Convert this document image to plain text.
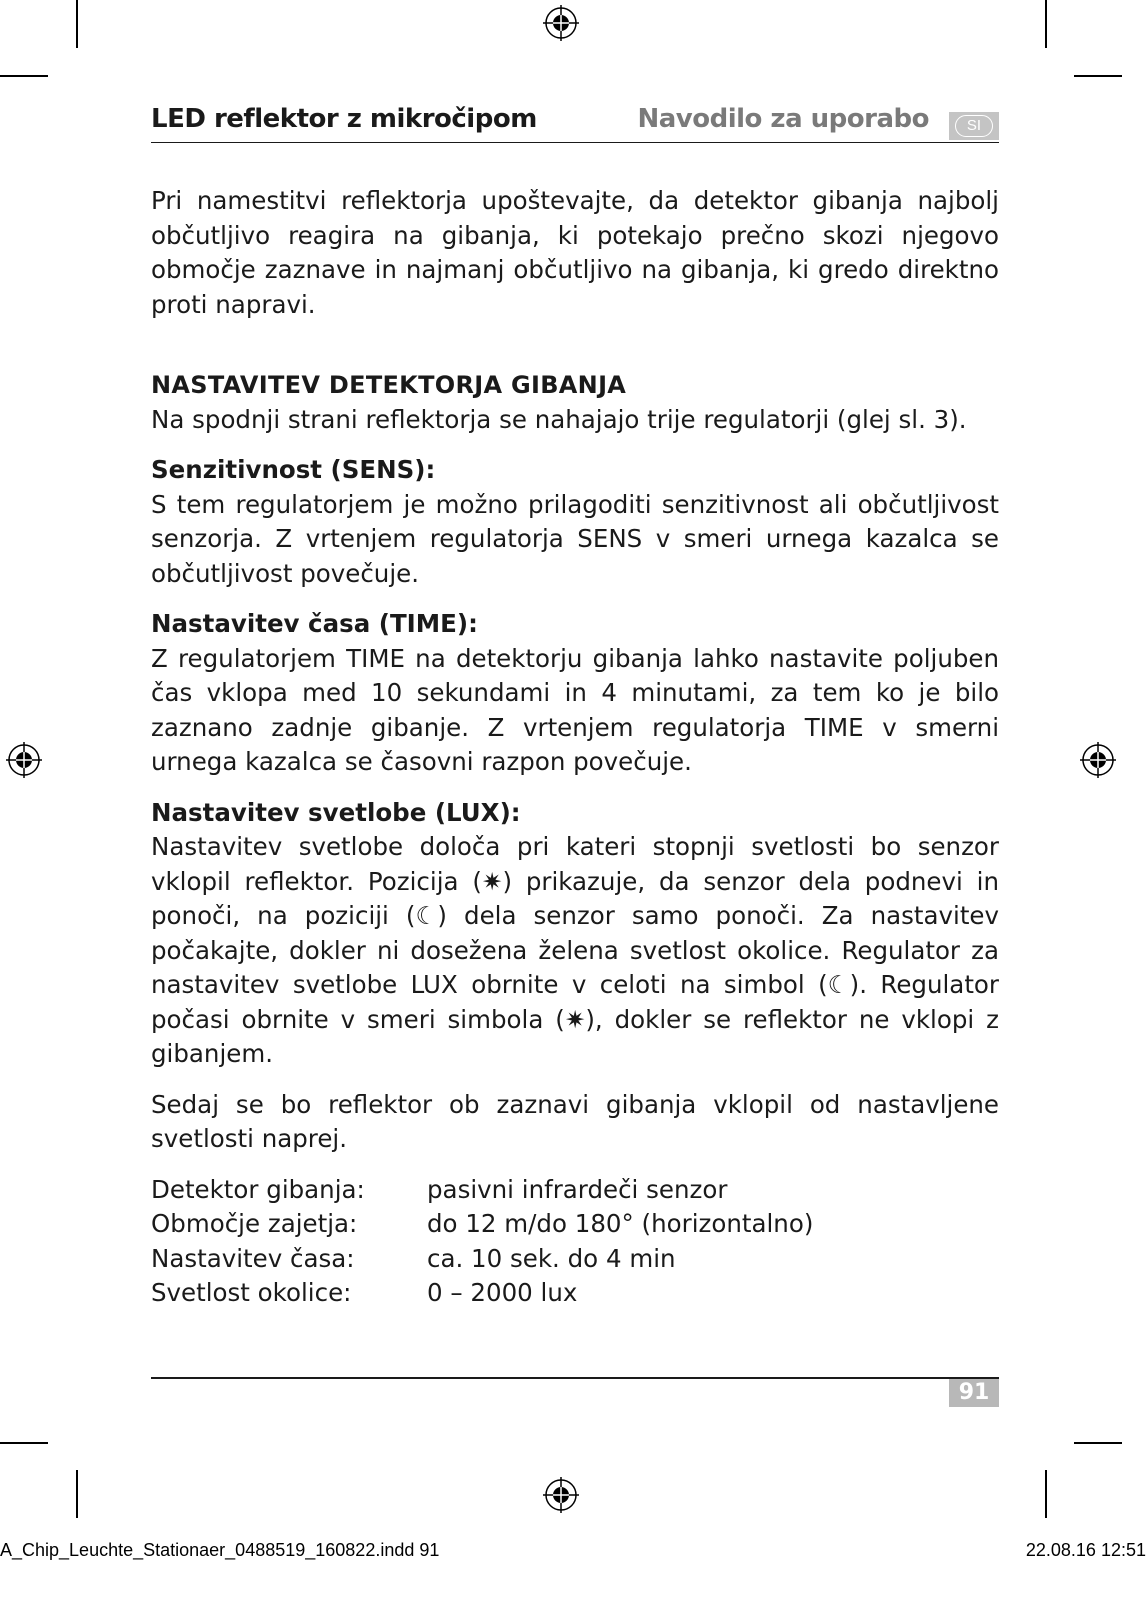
LED reflektor z mikročipom	Navodilo za uporabo	SI

Pri namestitvi reflektorja upoštevajte, da detektor gibanja najbolj občutljivo reagira na gibanja, ki potekajo prečno skozi njegovo območje zaznave in najmanj občutljivo na gibanja, ki gredo direktno proti napravi.

NASTAVITEV DETEKTORJA GIBANJA

Na spodnji strani reflektorja se nahajajo trije regulatorji (glej sl. 3).

Senzitivnost (SENS):

S tem regulatorjem je možno prilagoditi senzitivnost ali občutljivost senzorja. Z vrtenjem regulatorja SENS v smeri urnega kazalca se občutljivost povečuje.

Nastavitev časa (TIME):

Z regulatorjem TIME na detektorju gibanja lahko nastavite poljuben čas vklopa med 10 sekundami in 4 minutami, za tem ko je bilo zaznano zadnje gibanje. Z vrtenjem regulatorja TIME v smerni urnega kazalca se časovni razpon povečuje.

Nastavitev svetlobe (LUX):

Nastavitev svetlobe določa pri kateri stopnji svetlosti bo senzor vklopil reflektor. Pozicija (✷) prikazuje, da senzor dela podnevi in ponoči, na poziciji (☾) dela senzor samo ponoči. Za nastavitev počakajte, dokler ni dosežena želena svetlost okolice. Regulator za nastavitev svetlobe LUX obrnite v celoti na simbol (☾). Regulator počasi obrnite v smeri simbola (✷), dokler se reflektor ne vklopi z gibanjem.

Sedaj se bo reflektor ob zaznavi gibanja vklopil od nastavljene svetlosti naprej.

Detektor gibanja:	pasivni infrardeči senzor
Območje zajetja:	do 12 m/do 180° (horizontalno)
Nastavitev časa:	ca. 10 sek. do 4 min
Svetlost okolice:	0 – 2000 lux
91
A_Chip_Leuchte_Stationaer_0488519_160822.indd 91	22.08.16 12:51
